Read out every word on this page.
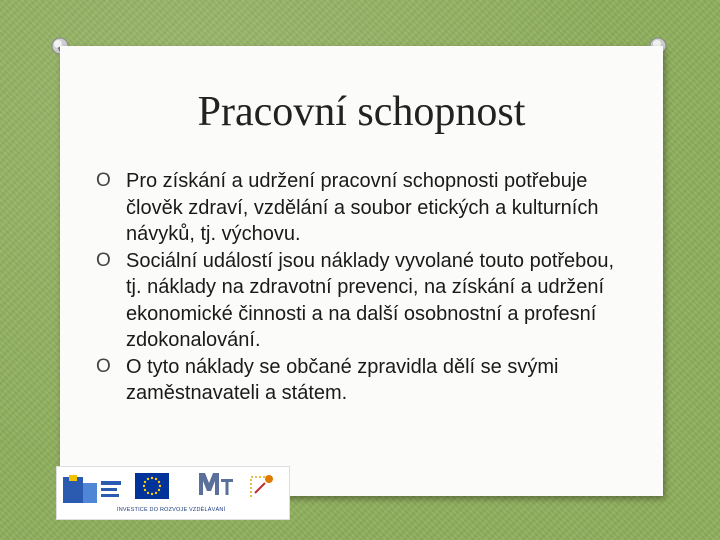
Pracovní schopnost
O Pro získání a udržení pracovní schopnosti potřebuje člověk zdraví, vzdělání a soubor etických a kulturních návyků, tj. výchovu.
O Sociální událostí jsou náklady vyvolané touto potřebou, tj. náklady na zdravotní prevenci, na získání a udržení ekonomické činnosti a na další osobnostní a profesní zdokonalování.
O O tyto náklady se občané zpravidla dělí se svými zaměstnavateli a státem.
INVESTICE DO ROZVOJE VZDĚLÁVÁNÍ
